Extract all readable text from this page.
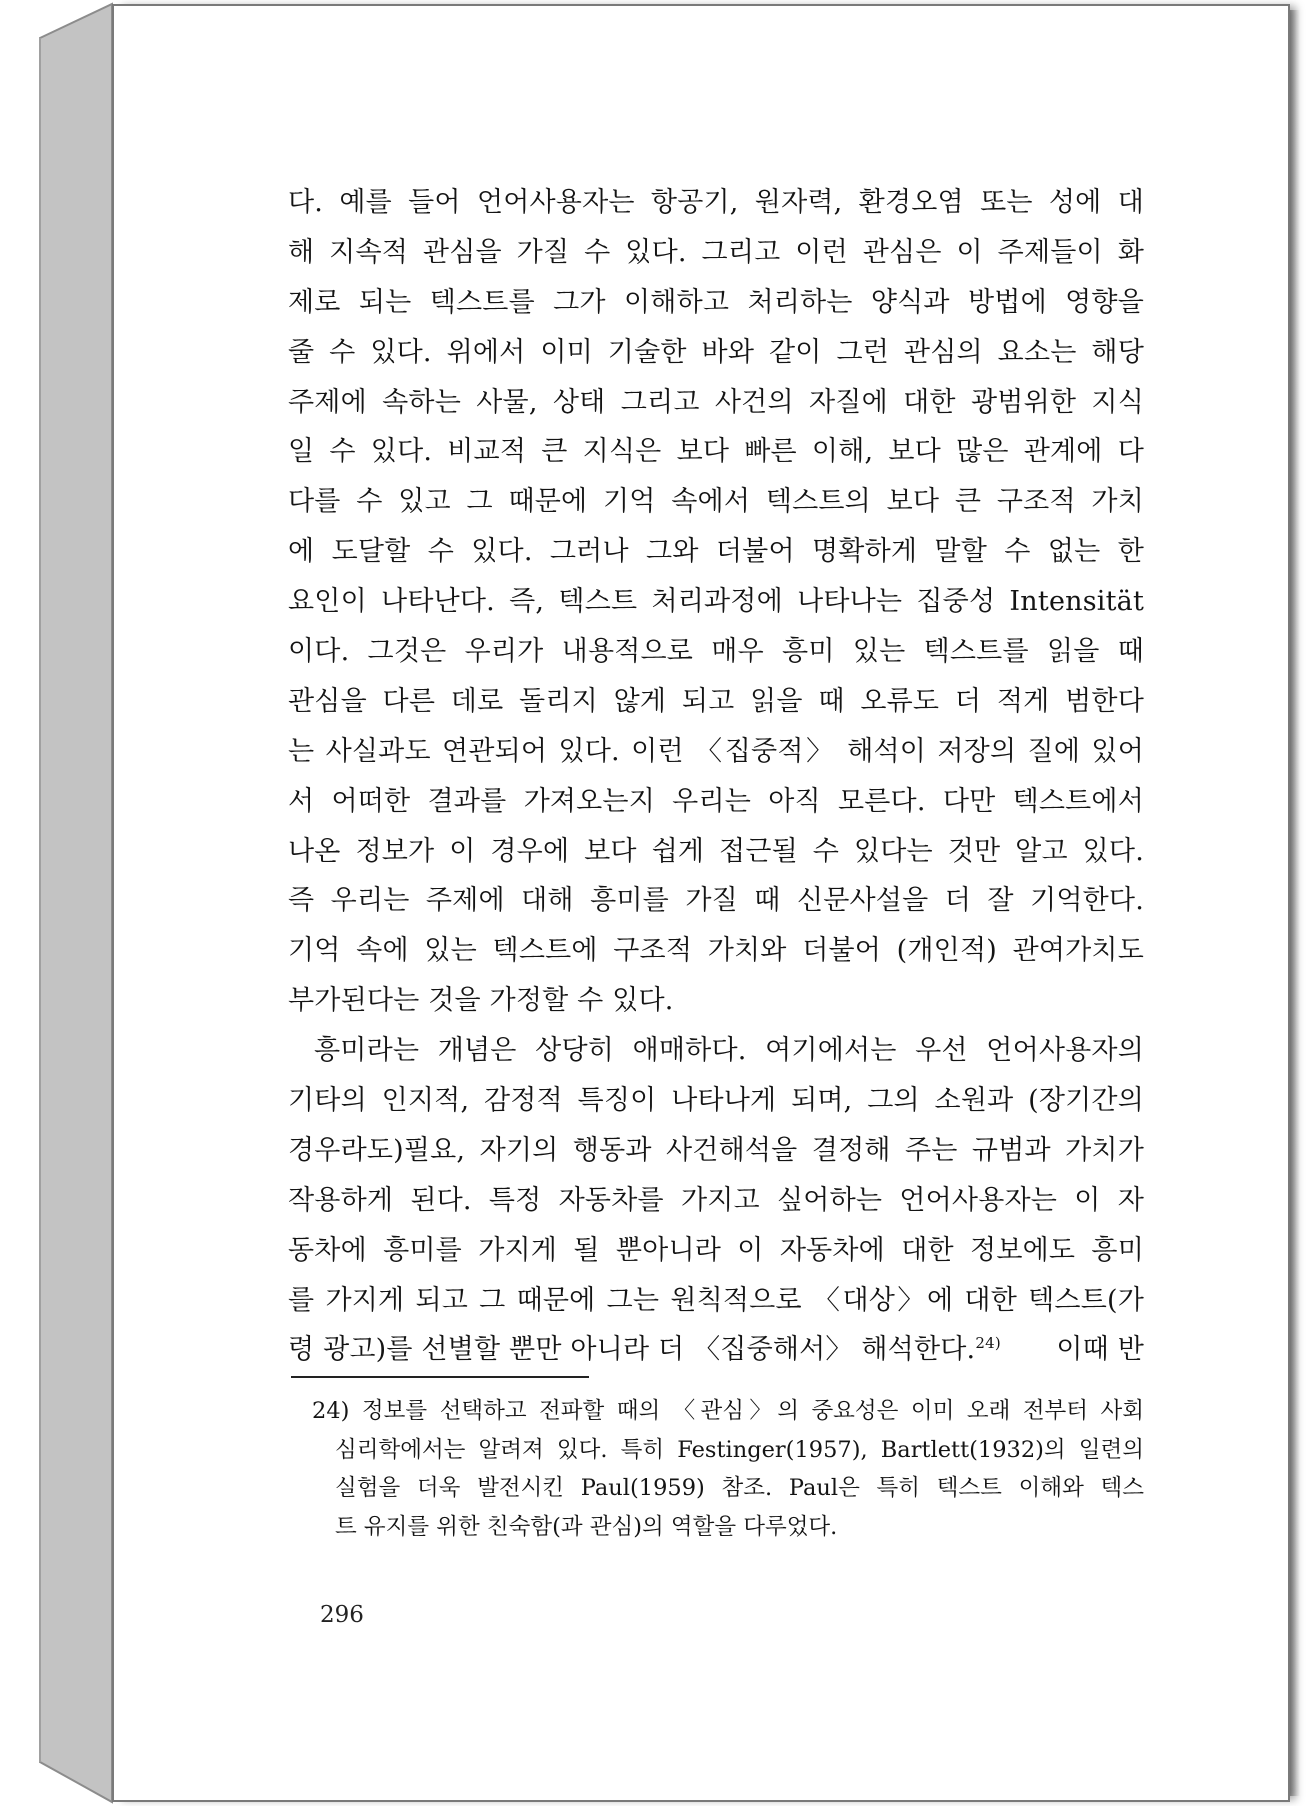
다. 예를 들어 언어사용자는 항공기, 원자력, 환경오염 또는 성에 대
해 지속적 관심을 가질 수 있다. 그리고 이런 관심은 이 주제들이 화
제로 되는 텍스트를 그가 이해하고 처리하는 양식과 방법에 영향을
줄 수 있다. 위에서 이미 기술한 바와 같이 그런 관심의 요소는 해당
주제에 속하는 사물, 상태 그리고 사건의 자질에 대한 광범위한 지식
일 수 있다. 비교적 큰 지식은 보다 빠른 이해, 보다 많은 관계에 다
다를 수 있고 그 때문에 기억 속에서 텍스트의 보다 큰 구조적 가치
에 도달할 수 있다. 그러나 그와 더불어 명확하게 말할 수 없는 한
요인이 나타난다. 즉, 텍스트 처리과정에 나타나는 집중성 Intensität
이다. 그것은 우리가 내용적으로 매우 흥미 있는 텍스트를 읽을 때
관심을 다른 데로 돌리지 않게 되고 읽을 때 오류도 더 적게 범한다
는 사실과도 연관되어 있다. 이런 〈집중적〉 해석이 저장의 질에 있어
서 어떠한 결과를 가져오는지 우리는 아직 모른다. 다만 텍스트에서
나온 정보가 이 경우에 보다 쉽게 접근될 수 있다는 것만 알고 있다.
즉 우리는 주제에 대해 흥미를 가질 때 신문사설을 더 잘 기억한다.
기억 속에 있는 텍스트에 구조적 가치와 더불어 (개인적) 관여가치도
부가된다는 것을 가정할 수 있다.
흥미라는 개념은 상당히 애매하다. 여기에서는 우선 언어사용자의
기타의 인지적, 감정적 특징이 나타나게 되며, 그의 소원과 (장기간의
경우라도)필요, 자기의 행동과 사건해석을 결정해 주는 규범과 가치가
작용하게 된다. 특정 자동차를 가지고 싶어하는 언어사용자는 이 자
동차에 흥미를 가지게 될 뿐아니라 이 자동차에 대한 정보에도 흥미
를 가지게 되고 그 때문에 그는 원칙적으로 〈대상〉에 대한 텍스트(가
령 광고)를 선별할 뿐만 아니라 더 〈집중해서〉 해석한다.$^{24)}$ 이때 반
24) 정보를 선택하고 전파할 때의 〈관심〉의 중요성은 이미 오래 전부터 사회
심리학에서는 알려져 있다. 특히 Festinger(1957), Bartlett(1932)의 일련의
실험을 더욱 발전시킨 Paul(1959) 참조. Paul은 특히 텍스트 이해와 텍스
트 유지를 위한 친숙함(과 관심)의 역할을 다루었다.
296
